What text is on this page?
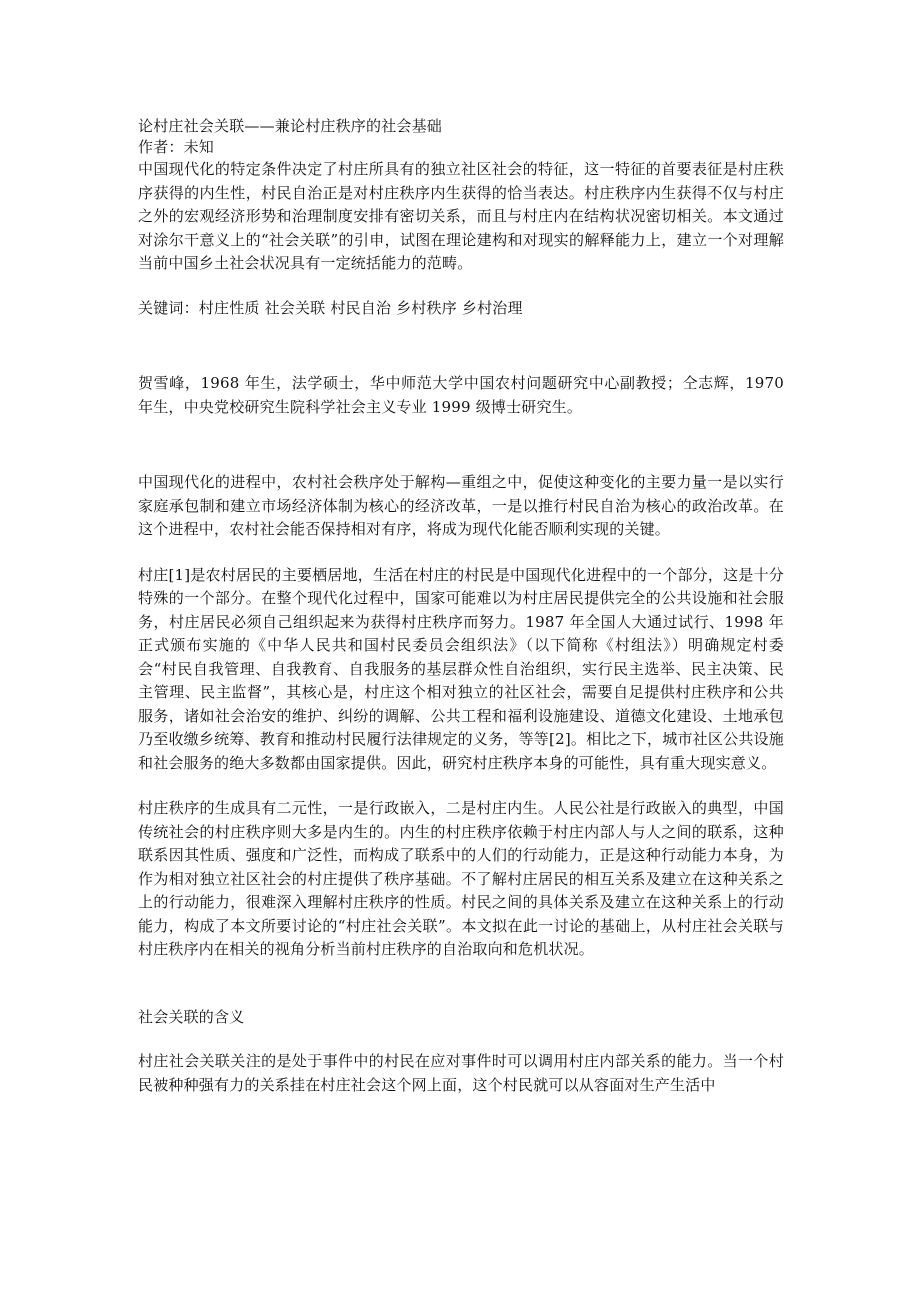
论村庄社会关联——兼论村庄秩序的社会基础

作者：未知

中国现代化的特定条件决定了村庄所具有的独立社区社会的特征，这一特征的首要表征是村庄秩序获得的内生性，村民自治正是对村庄秩序内生获得的恰当表达。村庄秩序内生获得不仅与村庄之外的宏观经济形势和治理制度安排有密切关系，而且与村庄内在结构状况密切相关。本文通过对涂尔干意义上的“社会关联”的引申，试图在理论建构和对现实的解释能力上，建立一个对理解当前中国乡土社会状况具有一定统括能力的范畴。

关键词：村庄性质 社会关联 村民自治 乡村秩序 乡村治理

贺雪峰，1968 年生，法学硕士，华中师范大学中国农村问题研究中心副教授；仝志辉，1970 年生，中央党校研究生院科学社会主义专业 1999 级博士研究生。

中国现代化的进程中，农村社会秩序处于解构—重组之中，促使这种变化的主要力量一是以实行家庭承包制和建立市场经济体制为核心的经济改革，一是以推行村民自治为核心的政治改革。在这个进程中，农村社会能否保持相对有序，将成为现代化能否顺利实现的关键。

村庄[1]是农村居民的主要栖居地，生活在村庄的村民是中国现代化进程中的一个部分，这是十分特殊的一个部分。在整个现代化过程中，国家可能难以为村庄居民提供完全的公共设施和社会服务，村庄居民必须自己组织起来为获得村庄秩序而努力。1987 年全国人大通过试行、1998 年正式颁布实施的《中华人民共和国村民委员会组织法》（以下简称《村组法》）明确规定村委会“村民自我管理、自我教育、自我服务的基层群众性自治组织，实行民主选举、民主决策、民主管理、民主监督”，其核心是，村庄这个相对独立的社区社会，需要自足提供村庄秩序和公共服务，诸如社会治安的维护、纠纷的调解、公共工程和福利设施建设、道德文化建设、土地承包乃至收缴乡统筹、教育和推动村民履行法律规定的义务，等等[2]。相比之下，城市社区公共设施和社会服务的绝大多数都由国家提供。因此，研究村庄秩序本身的可能性，具有重大现实意义。

村庄秩序的生成具有二元性，一是行政嵌入，二是村庄内生。人民公社是行政嵌入的典型，中国传统社会的村庄秩序则大多是内生的。内生的村庄秩序依赖于村庄内部人与人之间的联系，这种联系因其性质、强度和广泛性，而构成了联系中的人们的行动能力，正是这种行动能力本身，为作为相对独立社区社会的村庄提供了秩序基础。不了解村庄居民的相互关系及建立在这种关系之上的行动能力，很难深入理解村庄秩序的性质。村民之间的具体关系及建立在这种关系上的行动能力，构成了本文所要讨论的“村庄社会关联”。本文拟在此一讨论的基础上，从村庄社会关联与村庄秩序内在相关的视角分析当前村庄秩序的自治取向和危机状况。

社会关联的含义

村庄社会关联关注的是处于事件中的村民在应对事件时可以调用村庄内部关系的能力。当一个村民被种种强有力的关系挂在村庄社会这个网上面，这个村民就可以从容面对生产生活中
